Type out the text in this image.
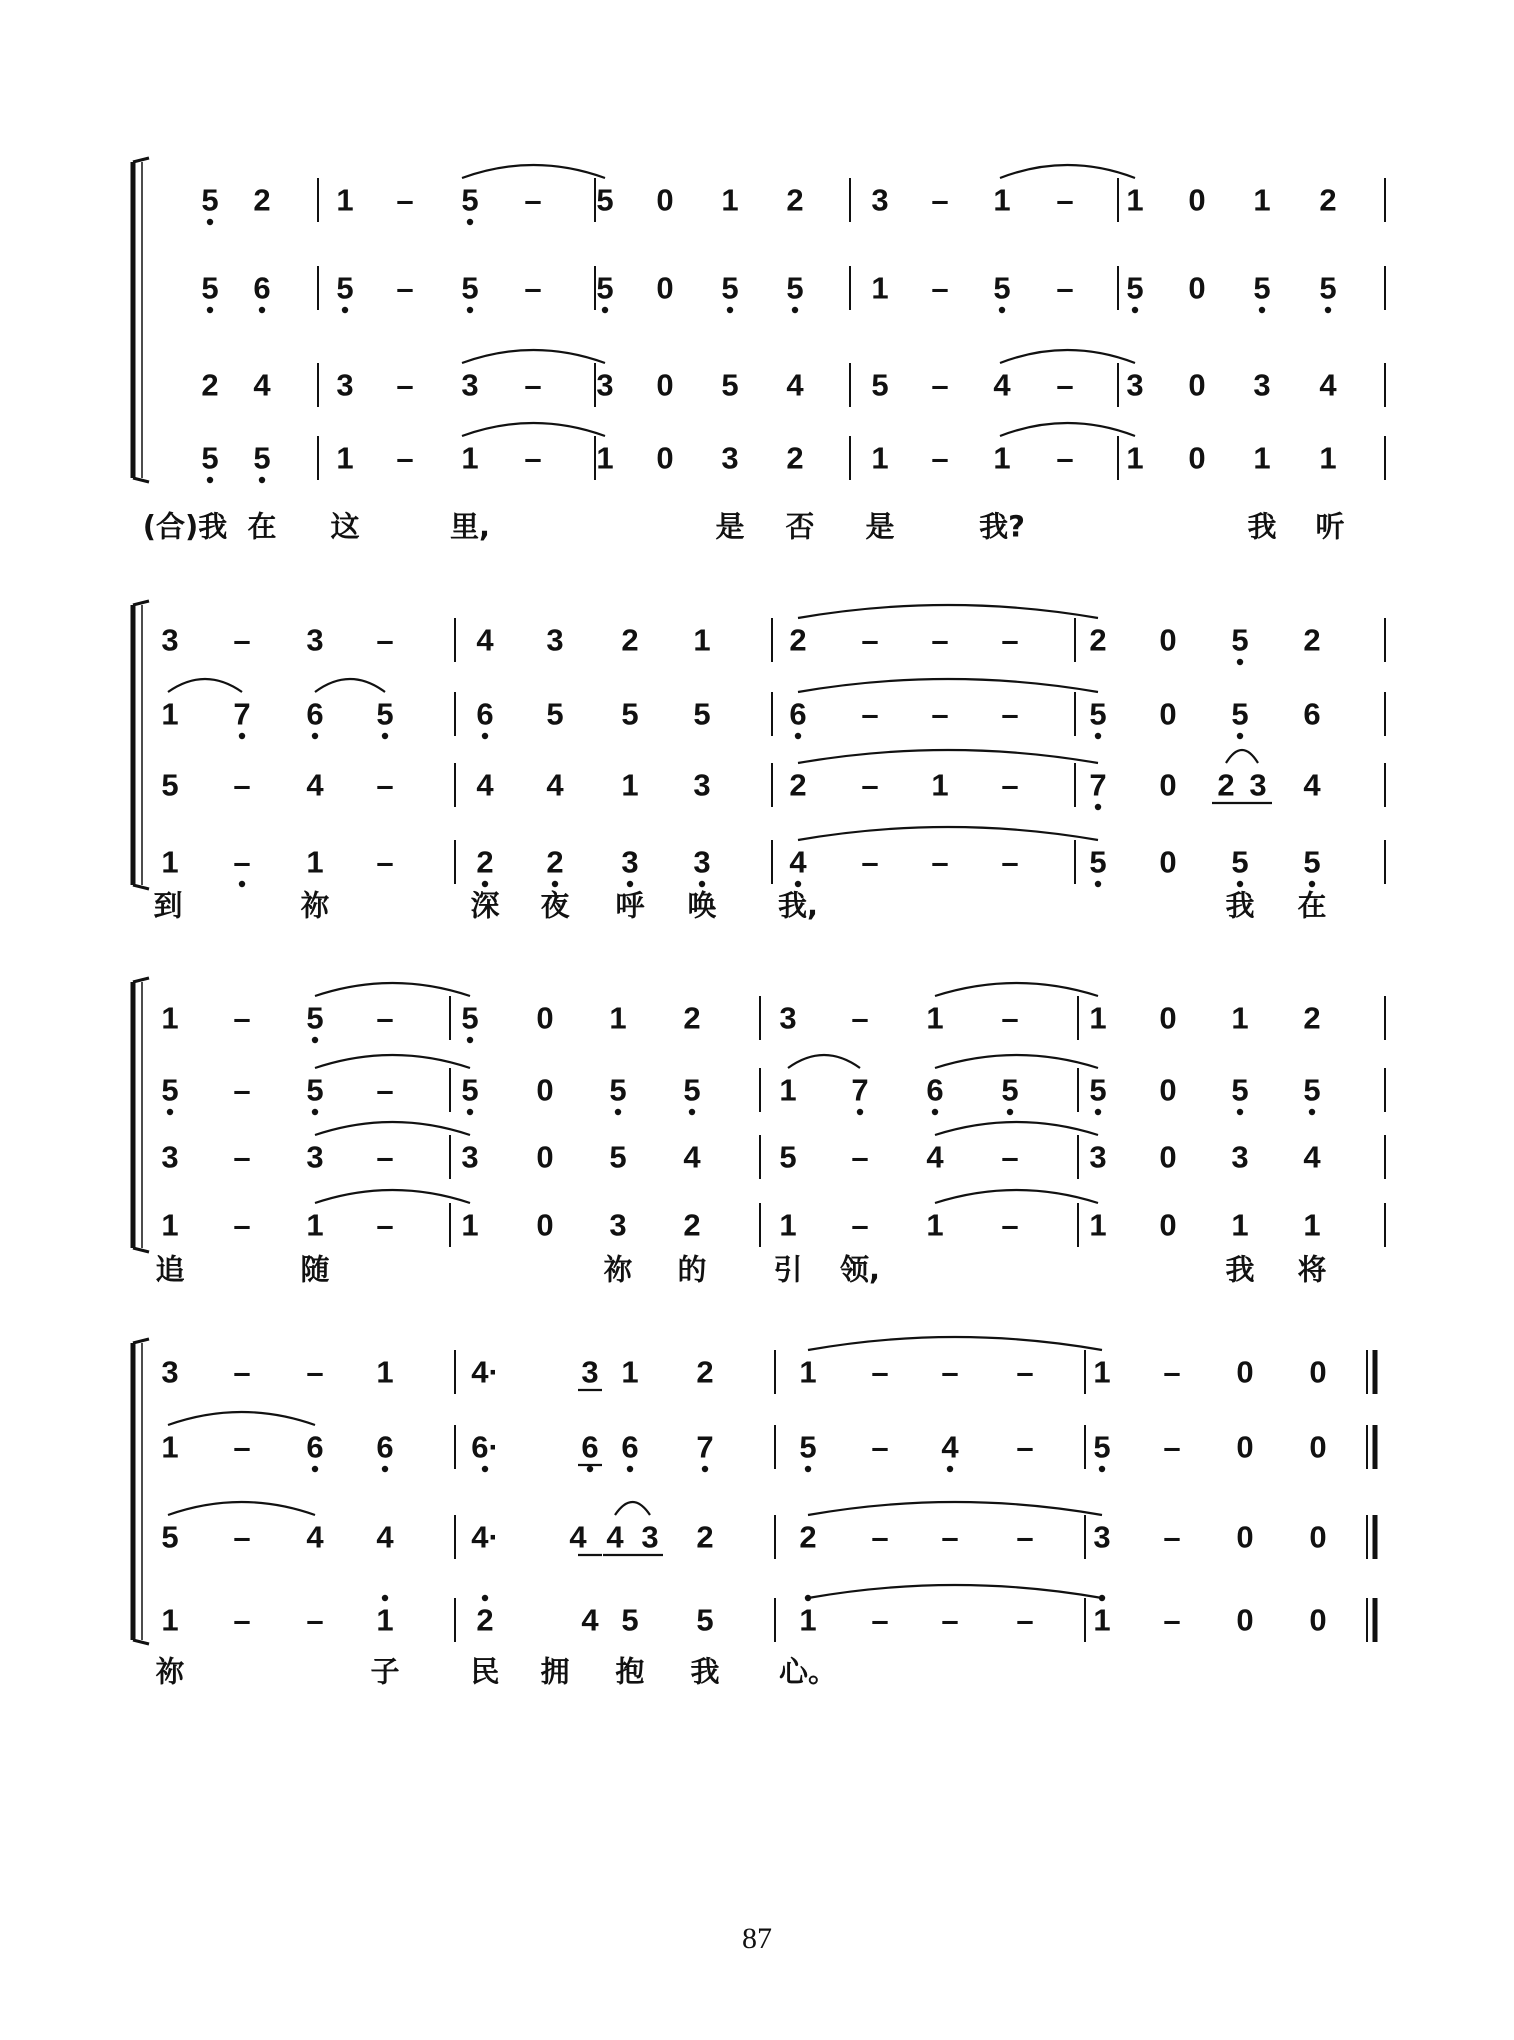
5 2 1 – 5 – 5 0 1 2 3 – 1 – 1 0 1 2
5 6 5 – 5 – 5 0 5 5 1 – 5 – 5 0 5 5
2 4 3 – 3 – 3 0 5 4 5 – 4 – 3 0 3 4
5 5 1 – 1 – 1 0 3 2 1 – 1 – 1 0 1 1
(合)我 在 这	里,	是 否 是	我?	我 听
3 – 3 –	4 3 2 1	2 – – – 2 0 5 2
1 7 6 5	6 5 5 5	6 – – – 5 0 5 6
5 – 4 –	4 4 1 3	2 – 1 – 7 0 2 3 4
1 – 1 –	2 2 3 3	4 – – – 5 0 5 5
到	祢	深 夜 呼 唤 我,	我 在
1 – 5 – 5 0 1 2	3 – 1 – 1 0 1 2
5 – 5 – 5 0 5 5	1 7 6 5 5 0 5 5
3 – 3 – 3 0 5 4	5 – 4 – 3 0 3 4
1 – 1 – 1 0 3 2	1 – 1 – 1 0 1 1
追	随	祢 的 引 领,	我 将
3 – – 1	4·	3 1 2	1 – – – 1 – 0 0
1 – 6 6	6·	6 6 7	5 – 4 – 5 – 0 0
5 – 4 4	4· 4 4 3 2	2 – – – 3 – 0 0
1 – – 1	2	4 5 5	1 – – – 1 – 0 0
祢	子 民 拥 抱 我 心。
87
